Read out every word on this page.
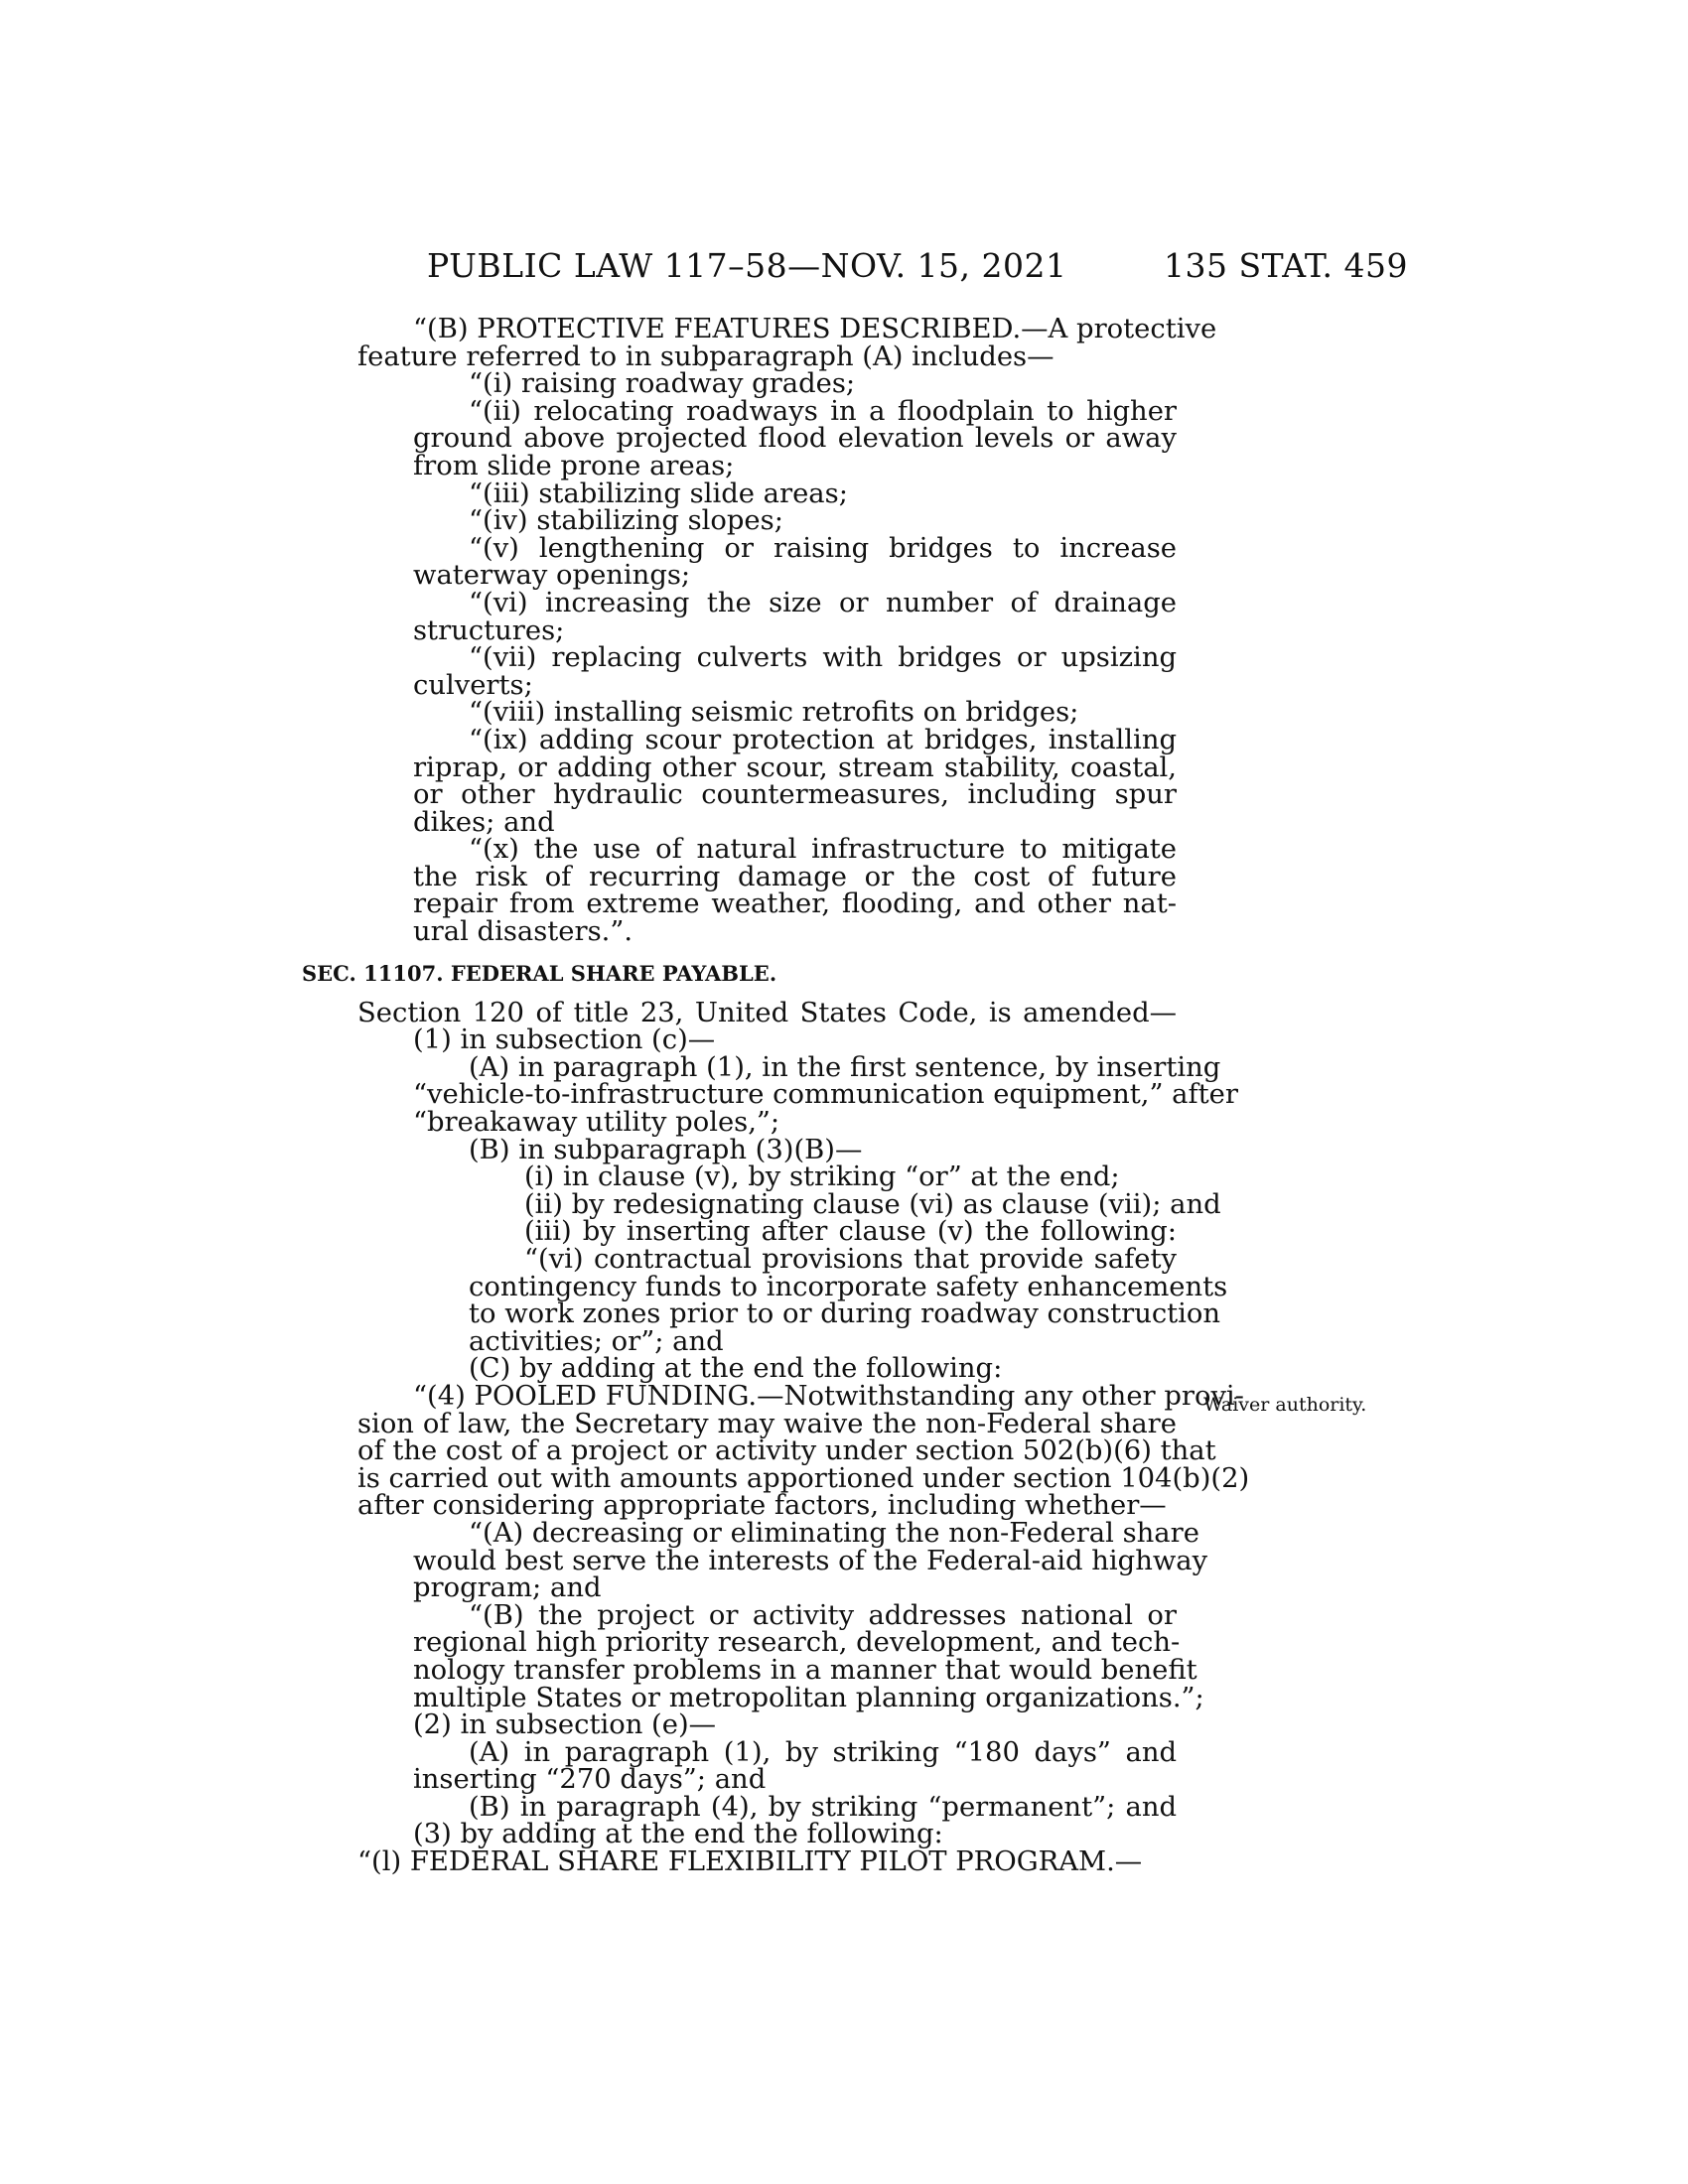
PUBLIC LAW 117–58—NOV. 15, 2021	135 STAT. 459
“(B) PROTECTIVE FEATURES DESCRIBED.—A protective
feature referred to in subparagraph (A) includes—
“(i) raising roadway grades;
“(ii) relocating roadways in a floodplain to higher
ground above projected flood elevation levels or away
from slide prone areas;
“(iii) stabilizing slide areas;
“(iv) stabilizing slopes;
“(v) lengthening or raising bridges to increase
waterway openings;
“(vi) increasing the size or number of drainage
structures;
“(vii) replacing culverts with bridges or upsizing
culverts;
“(viii) installing seismic retrofits on bridges;
“(ix) adding scour protection at bridges, installing
riprap, or adding other scour, stream stability, coastal,
or other hydraulic countermeasures, including spur
dikes; and
“(x) the use of natural infrastructure to mitigate
the risk of recurring damage or the cost of future
repair from extreme weather, flooding, and other nat-
ural disasters.”.
SEC. 11107. FEDERAL SHARE PAYABLE.
Section 120 of title 23, United States Code, is amended—
(1) in subsection (c)—
(A) in paragraph (1), in the first sentence, by inserting
“vehicle-to-infrastructure communication equipment,” after
“breakaway utility poles,”;
(B) in subparagraph (3)(B)—
(i) in clause (v), by striking “or” at the end;
(ii) by redesignating clause (vi) as clause (vii); and
(iii) by inserting after clause (v) the following:
“(vi) contractual provisions that provide safety
contingency funds to incorporate safety enhancements
to work zones prior to or during roadway construction
activities; or”; and
(C) by adding at the end the following:
“(4) POOLED FUNDING.—Notwithstanding any other provi-
sion of law, the Secretary may waive the non-Federal share
of the cost of a project or activity under section 502(b)(6) that
is carried out with amounts apportioned under section 104(b)(2)
after considering appropriate factors, including whether—
“(A) decreasing or eliminating the non-Federal share
would best serve the interests of the Federal-aid highway
program; and
“(B) the project or activity addresses national or
regional high priority research, development, and tech-
nology transfer problems in a manner that would benefit
multiple States or metropolitan planning organizations.”;
(2) in subsection (e)—
(A) in paragraph (1), by striking “180 days” and
inserting “270 days”; and
(B) in paragraph (4), by striking “permanent”; and
(3) by adding at the end the following:
“(l) FEDERAL SHARE FLEXIBILITY PILOT PROGRAM.—
Waiver authority.
